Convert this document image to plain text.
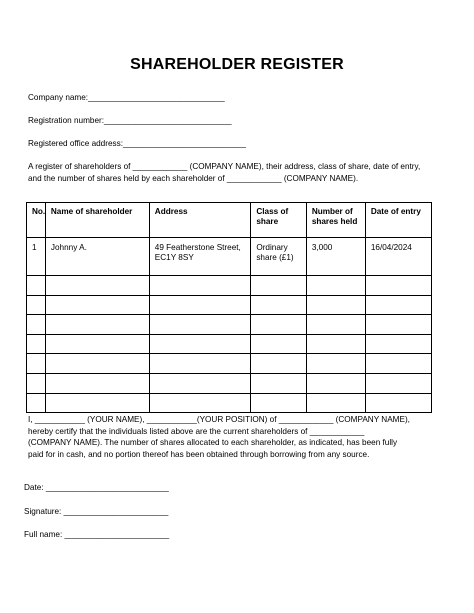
SHAREHOLDER REGISTER
Company name:______________________________
Registration number:____________________________
Registered office address:___________________________
A register of shareholders of ____________ (COMPANY NAME), their address, class of share, date of entry,
and the number of shares held by each shareholder of ____________ (COMPANY NAME).
No.	Name of shareholder	Address	Class of share	Number of shares held	Date of entry
1	Johnny A.	49 Featherstone Street, EC1Y 8SY	Ordinary share (£1)	3,000	16/04/2024

I, ___________ (YOUR NAME), ___________(YOUR POSITION) of ____________ (COMPANY NAME),
hereby certify that the individuals listed above are the current shareholders of ____________
(COMPANY NAME). The number of shares allocated to each shareholder, as indicated, has been fully
paid for in cash, and no portion thereof has been obtained through borrowing from any source.
Date: ___________________________
Signature: _______________________
Full name: _______________________
